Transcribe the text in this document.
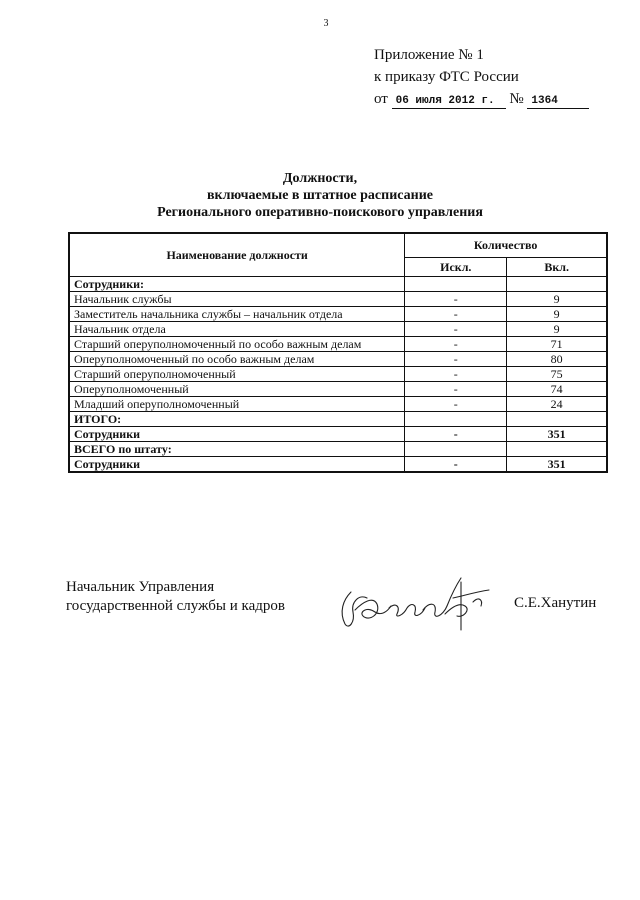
3
Приложение № 1
к приказу ФТС России
от 06 июля 2012 г. № 1364
Должности,
включаемые в штатное расписание
Регионального оперативно-поискового управления
Наименование должности	Количество	
	Искл.	Вкл.
Сотрудники:		
Начальник службы	-	9
Заместитель начальника службы – начальник отдела	-	9
Начальник отдела	-	9
Старший оперуполномоченный по особо важным делам	-	71
Оперуполномоченный по особо важным делам	-	80
Старший оперуполномоченный	-	75
Оперуполномоченный	-	74
Младший оперуполномоченный	-	24
ИТОГО:		
Сотрудники	-	351
ВСЕГО по штату:		
Сотрудники	-	351
Начальник Управления
государственной службы и кадров	С.Е.Ханутин
